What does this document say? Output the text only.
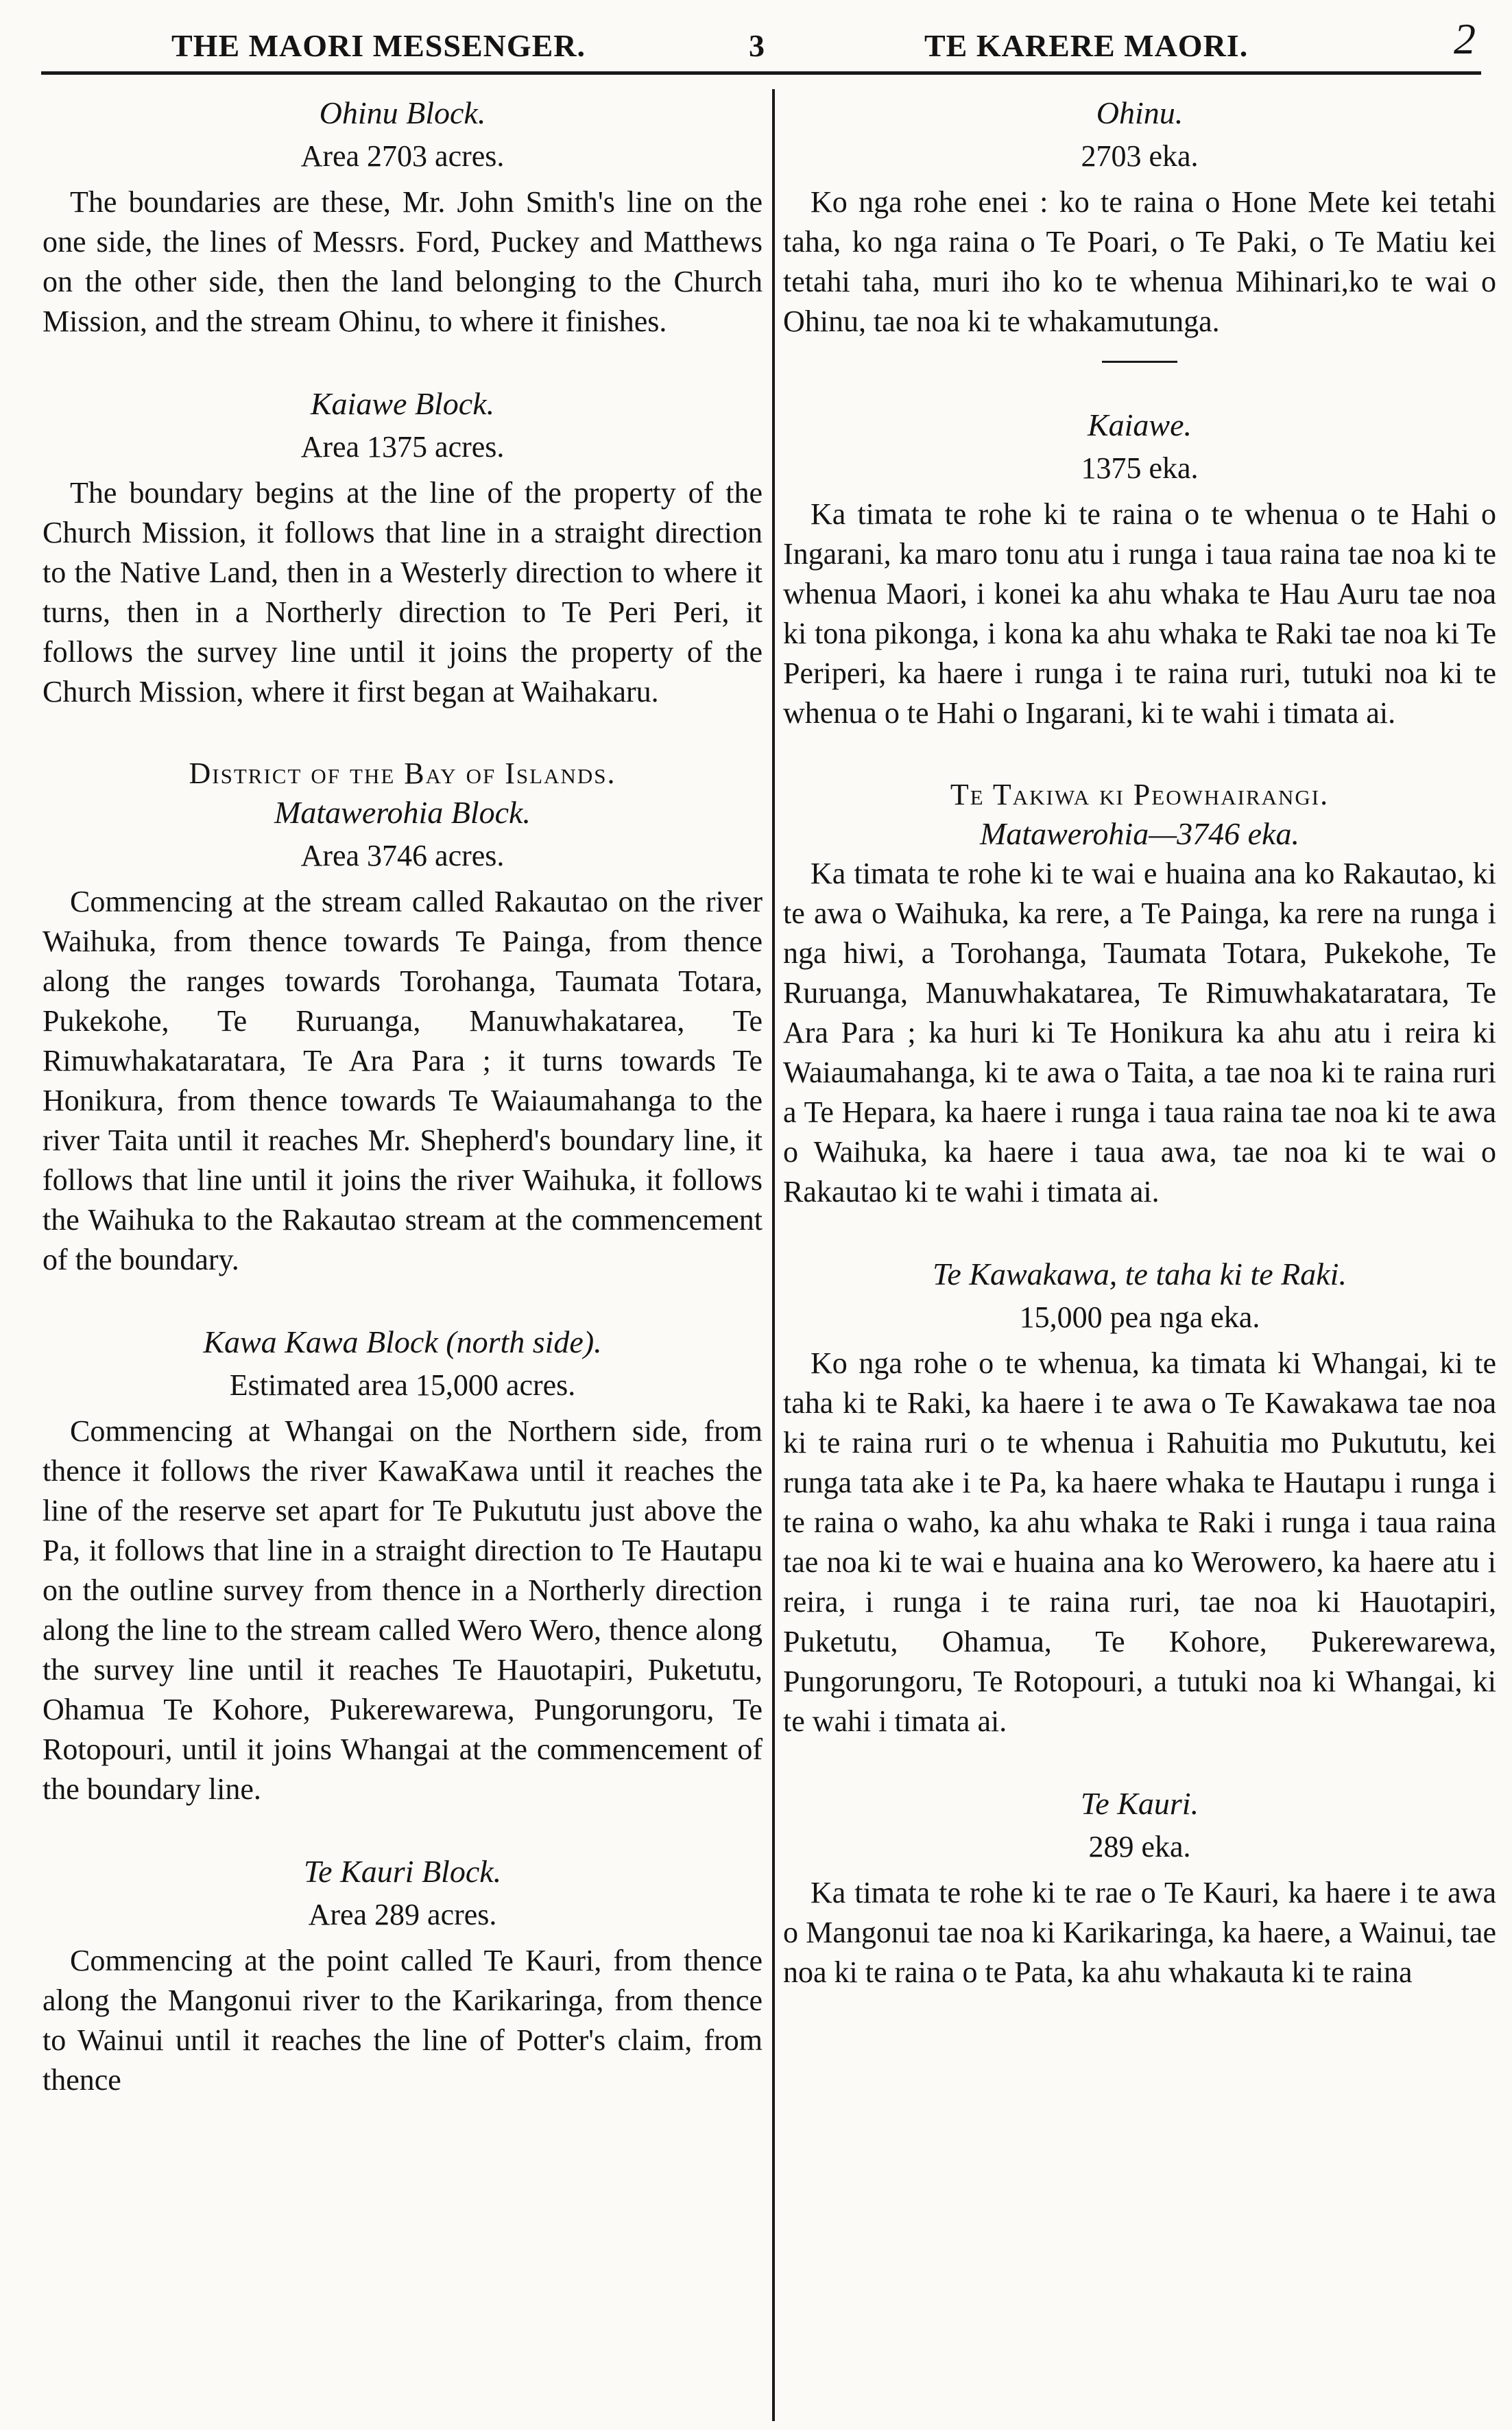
THE MAORI MESSENGER.	3	TE KARERE MAORI.	2

Ohinu Block.

Area 2703 acres.

The boundaries are these, Mr. John Smith's line on the one side, the lines of Messrs. Ford, Puckey and Matthews on the other side, then the land belonging to the Church Mission, and the stream Ohinu, to where it finishes.

Kaiawe Block.

Area 1375 acres.

The boundary begins at the line of the property of the Church Mission, it follows that line in a straight direction to the Native Land, then in a Westerly direction to where it turns, then in a Northerly direction to Te Peri Peri, it follows the survey line until it joins the property of the Church Mission, where it first began at Waihakaru.

District of the Bay of Islands.

Matawerohia Block.

Area 3746 acres.

Commencing at the stream called Rakautao on the river Waihuka, from thence towards Te Painga, from thence along the ranges towards Torohanga, Taumata Totara, Pukekohe, Te Ruruanga, Manuwhakatarea, Te Rimuwhakataratara, Te Ara Para ; it turns towards Te Honikura, from thence towards Te Waiaumahanga to the river Taita until it reaches Mr. Shepherd's boundary line, it follows that line until it joins the river Waihuka, it follows the Waihuka to the Rakautao stream at the commencement of the boundary.

Kawa Kawa Block (north side).

Estimated area 15,000 acres.

Commencing at Whangai on the Northern side, from thence it follows the river KawaKawa until it reaches the line of the reserve set apart for Te Pukututu just above the Pa, it follows that line in a straight direction to Te Hautapu on the outline survey from thence in a Northerly direction along the line to the stream called Wero Wero, thence along the survey line until it reaches Te Hauotapiri, Puketutu, Ohamua Te Kohore, Pukerewarewa, Pungorungoru, Te Rotopouri, until it joins Whangai at the commencement of the boundary line.

Te Kauri Block.

Area 289 acres.

Commencing at the point called Te Kauri, from thence along the Mangonui river to the Karikaringa, from thence to Wainui until it reaches the line of Potter's claim, from thence

Ohinu.

2703 eka.

Ko nga rohe enei : ko te raina o Hone Mete kei tetahi taha, ko nga raina o Te Poari, o Te Paki, o Te Matiu kei tetahi taha, muri iho ko te whenua Mihinari,ko te wai o Ohinu, tae noa ki te whakamutunga.

Kaiawe.

1375 eka.

Ka timata te rohe ki te raina o te whenua o te Hahi o Ingarani, ka maro tonu atu i runga i taua raina tae noa ki te whenua Maori, i konei ka ahu whaka te Hau Auru tae noa ki tona pikonga, i kona ka ahu whaka te Raki tae noa ki Te Periperi, ka haere i runga i te raina ruri, tutuki noa ki te whenua o te Hahi o Ingarani, ki te wahi i timata ai.

Te Takiwa ki Peowhairangi.

Matawerohia—3746 eka.

Ka timata te rohe ki te wai e huaina ana ko Rakautao, ki te awa o Waihuka, ka rere, a Te Painga, ka rere na runga i nga hiwi, a Torohanga, Taumata Totara, Pukekohe, Te Ruruanga, Manuwhakatarea, Te Rimuwhakataratara, Te Ara Para ; ka huri ki Te Honikura ka ahu atu i reira ki Waiaumahanga, ki te awa o Taita, a tae noa ki te raina ruri a Te Hepara, ka haere i runga i taua raina tae noa ki te awa o Waihuka, ka haere i taua awa, tae noa ki te wai o Rakautao ki te wahi i timata ai.

Te Kawakawa, te taha ki te Raki.

15,000 pea nga eka.

Ko nga rohe o te whenua, ka timata ki Whangai, ki te taha ki te Raki, ka haere i te awa o Te Kawakawa tae noa ki te raina ruri o te whenua i Rahuitia mo Pukututu, kei runga tata ake i te Pa, ka haere whaka te Hautapu i runga i te raina o waho, ka ahu whaka te Raki i runga i taua raina tae noa ki te wai e huaina ana ko Werowero, ka haere atu i reira, i runga i te raina ruri, tae noa ki Hauotapiri, Puketutu, Ohamua, Te Kohore, Pukerewarewa, Pungorungoru, Te Rotopouri, a tutuki noa ki Whangai, ki te wahi i timata ai.

Te Kauri.

289 eka.

Ka timata te rohe ki te rae o Te Kauri, ka haere i te awa o Mangonui tae noa ki Karikaringa, ka haere, a Wainui, tae noa ki te raina o te Pata, ka ahu whakauta ki te raina
